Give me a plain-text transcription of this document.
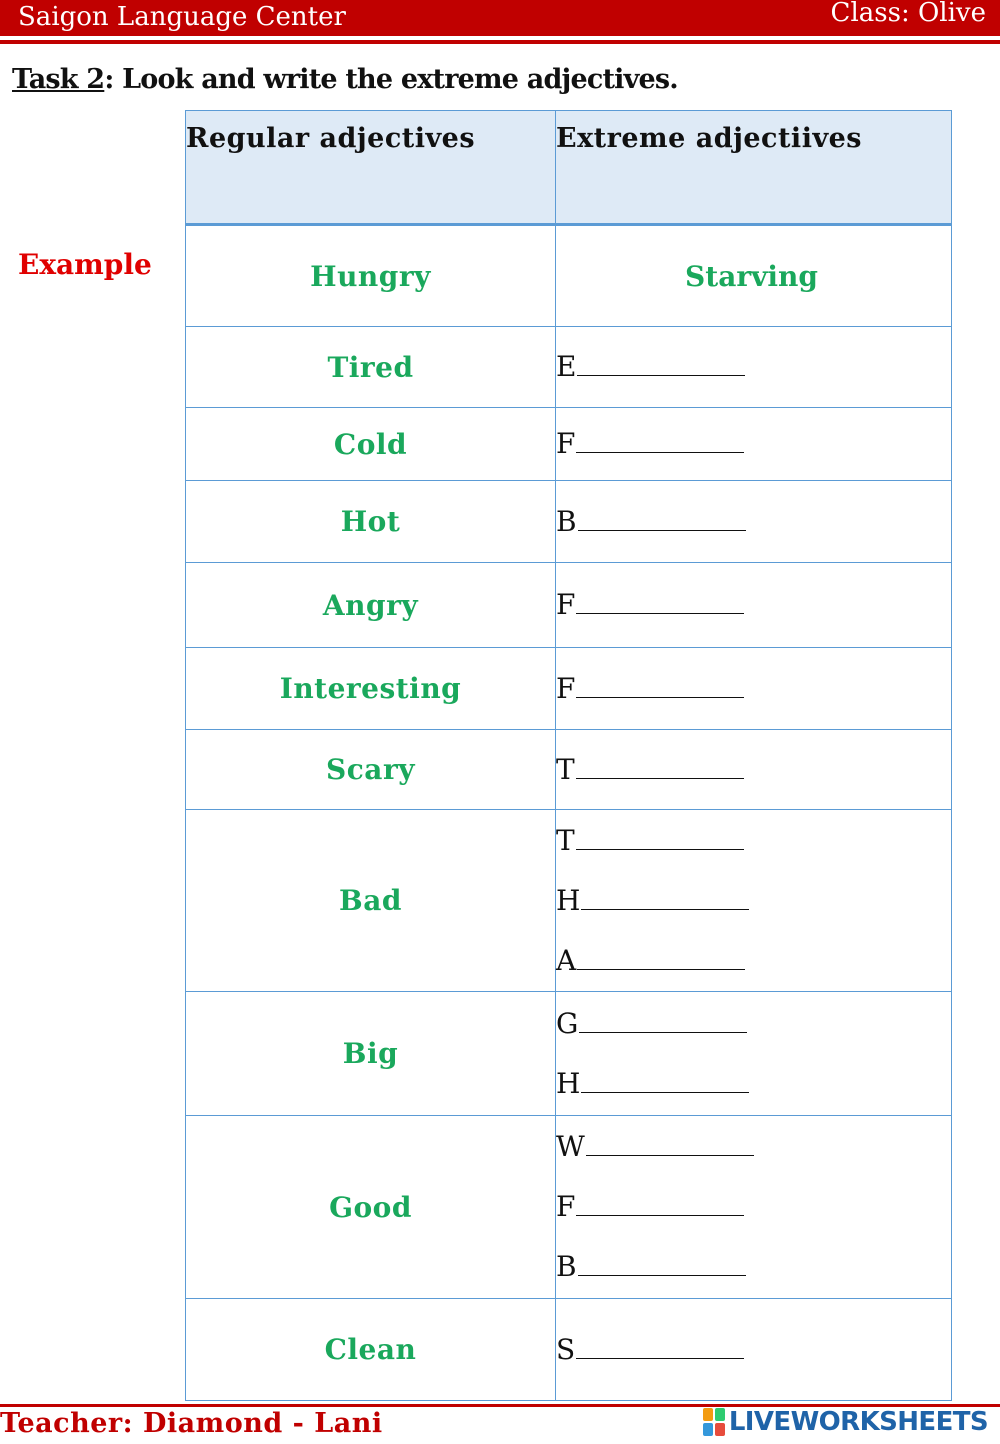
Saigon Language Center	Class: Olive
Task 2: Look and write the extreme adjectives.
Example
Regular adjectives	Extreme adjectiives
Hungry	Starving
Tired	E

Cold	F

Hot	B

Angry	F

Interesting	F

Scary	T

Bad	T
H
A

Big	G
H

Good	W
F
B

Clean	S
Teacher: Diamond - Lani	LIVEWORKSHEETS
